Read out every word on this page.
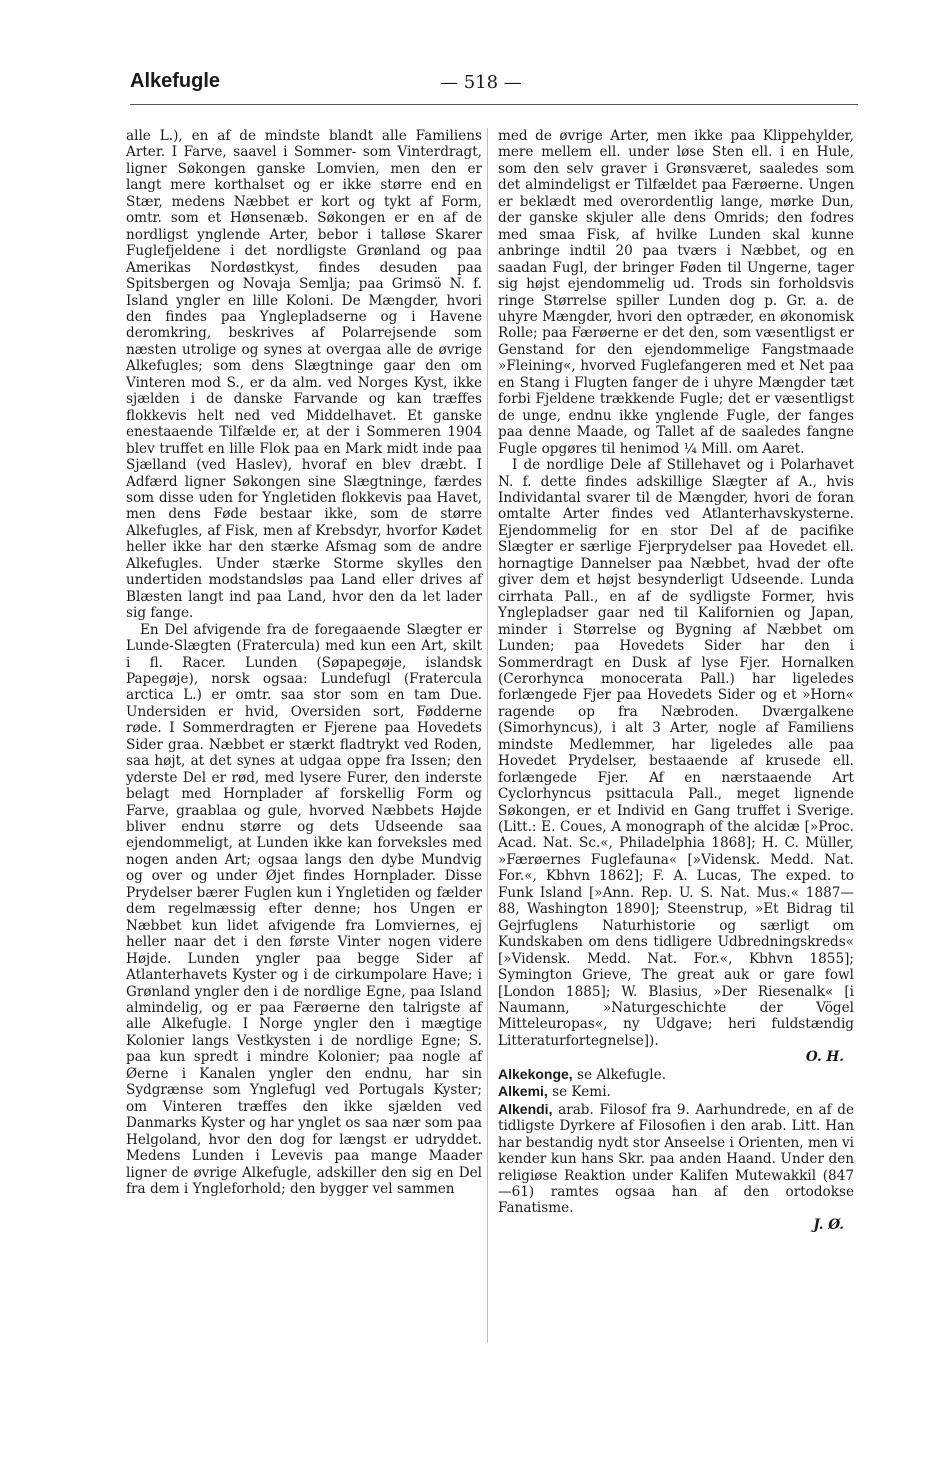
Alkefugle	— 518 —

alle L.), en af de mindste blandt alle Familiens Arter. I Farve, saavel i Sommer- som Vinterdragt, ligner Søkongen ganske Lomvien, men den er langt mere korthalset og er ikke større end en Stær, medens Næbbet er kort og tykt af Form, omtr. som et Hønsenæb. Søkongen er en af de nordligst ynglende Arter, bebor i talløse Skarer Fuglefjeldene i det nordligste Grønland og paa Amerikas Nordøstkyst, findes desuden paa Spitsbergen og Novaja Semlja; paa Grimsö N. f. Island yngler en lille Koloni. De Mængder, hvori den findes paa Ynglepladserne og i Havene deromkring, beskrives af Polarrejsende som næsten utrolige og synes at overgaa alle de øvrige Alkefugles; som dens Slægtninge gaar den om Vinteren mod S., er da alm. ved Norges Kyst, ikke sjælden i de danske Farvande og kan træffes flokkevis helt ned ved Middelhavet. Et ganske enestaaende Tilfælde er, at der i Sommeren 1904 blev truffet en lille Flok paa en Mark midt inde paa Sjælland (ved Haslev), hvoraf en blev dræbt. I Adfærd ligner Søkongen sine Slægtninge, færdes som disse uden for Yngletiden flokkevis paa Havet, men dens Føde bestaar ikke, som de større Alkefugles, af Fisk, men af Krebsdyr, hvorfor Kødet heller ikke har den stærke Afsmag som de andre Alkefugles. Under stærke Storme skylles den undertiden modstandsløs paa Land eller drives af Blæsten langt ind paa Land, hvor den da let lader sig fange.

En Del afvigende fra de foregaaende Slægter er Lunde-Slægten (Fratercula) med kun een Art, skilt i fl. Racer. Lunden (Søpapegøje, islandsk Papegøje), norsk ogsaa: Lundefugl (Fratercula arctica L.) er omtr. saa stor som en tam Due. Undersiden er hvid, Oversiden sort, Fødderne røde. I Sommerdragten er Fjerene paa Hovedets Sider graa. Næbbet er stærkt fladtrykt ved Roden, saa højt, at det synes at udgaa oppe fra Issen; den yderste Del er rød, med lysere Furer, den inderste belagt med Hornplader af forskellig Form og Farve, graablaa og gule, hvorved Næbbets Højde bliver endnu større og dets Udseende saa ejendommeligt, at Lunden ikke kan forveksles med nogen anden Art; ogsaa langs den dybe Mundvig og over og under Øjet findes Hornplader. Disse Prydelser bærer Fuglen kun i Yngletiden og fælder dem regelmæssig efter denne; hos Ungen er Næbbet kun lidet afvigende fra Lomviernes, ej heller naar det i den første Vinter nogen videre Højde. Lunden yngler paa begge Sider af Atlanterhavets Kyster og i de cirkumpolare Have; i Grønland yngler den i de nordlige Egne, paa Island almindelig, og er paa Færøerne den talrigste af alle Alkefugle. I Norge yngler den i mægtige Kolonier langs Vestkysten i de nordlige Egne; S. paa kun spredt i mindre Kolonier; paa nogle af Øerne i Kanalen yngler den endnu, har sin Sydgrænse som Ynglefugl ved Portugals Kyster; om Vinteren træffes den ikke sjælden ved Danmarks Kyster og har ynglet os saa nær som paa Helgoland, hvor den dog for længst er udryddet. Medens Lunden i Levevis paa mange Maader ligner de øvrige Alkefugle, adskiller den sig en Del fra dem i Yngleforhold; den bygger vel sammen

med de øvrige Arter, men ikke paa Klippehylder, mere mellem ell. under løse Sten ell. i en Hule, som den selv graver i Grønsværet, saaledes som det almindeligst er Tilfældet paa Færøerne. Ungen er beklædt med overordentlig lange, mørke Dun, der ganske skjuler alle dens Omrids; den fodres med smaa Fisk, af hvilke Lunden skal kunne anbringe indtil 20 paa tværs i Næbbet, og en saadan Fugl, der bringer Føden til Ungerne, tager sig højst ejendommelig ud. Trods sin forholdsvis ringe Størrelse spiller Lunden dog p. Gr. a. de uhyre Mængder, hvori den optræder, en økonomisk Rolle; paa Færøerne er det den, som væsentligst er Genstand for den ejendommelige Fangstmaade »Fleining«, hvorved Fuglefangeren med et Net paa en Stang i Flugten fanger de i uhyre Mængder tæt forbi Fjeldene trækkende Fugle; det er væsentligst de unge, endnu ikke ynglende Fugle, der fanges paa denne Maade, og Tallet af de saaledes fangne Fugle opgøres til henimod ¼ Mill. om Aaret.

I de nordlige Dele af Stillehavet og i Polarhavet N. f. dette findes adskillige Slægter af A., hvis Individantal svarer til de Mængder, hvori de foran omtalte Arter findes ved Atlanterhavskysterne. Ejendommelig for en stor Del af de pacifike Slægter er særlige Fjerprydelser paa Hovedet ell. hornagtige Dannelser paa Næbbet, hvad der ofte giver dem et højst besynderligt Udseende. Lunda cirrhata Pall., en af de sydligste Former, hvis Ynglepladser gaar ned til Kalifornien og Japan, minder i Størrelse og Bygning af Næbbet om Lunden; paa Hovedets Sider har den i Sommerdragt en Dusk af lyse Fjer. Hornalken (Cerorhynca monocerata Pall.) har ligeledes forlængede Fjer paa Hovedets Sider og et »Horn« ragende op fra Næbroden. Dværgalkene (Simorhyncus), i alt 3 Arter, nogle af Familiens mindste Medlemmer, har ligeledes alle paa Hovedet Prydelser, bestaaende af krusede ell. forlængede Fjer. Af en nærstaaende Art Cyclorhyncus psittacula Pall., meget lignende Søkongen, er et Individ en Gang truffet i Sverige. (Litt.: E. Coues, A monograph of the alcidæ [»Proc. Acad. Nat. Sc.«, Philadelphia 1868]; H. C. Müller, »Færøernes Fuglefauna« [»Vidensk. Medd. Nat. For.«, Kbhvn 1862]; F. A. Lucas, The exped. to Funk Island [»Ann. Rep. U. S. Nat. Mus.« 1887—88, Washington 1890]; Steenstrup, »Et Bidrag til Gejrfuglens Naturhistorie og særligt om Kundskaben om dens tidligere Udbredningskreds« [»Vidensk. Medd. Nat. For.«, Kbhvn 1855]; Symington Grieve, The great auk or gare fowl [London 1885]; W. Blasius, »Der Riesenalk« [i Naumann, »Naturgeschichte der Vögel Mitteleuropas«, ny Udgave; heri fuldstændig Litteraturfortegnelse]).

O. H.

Alkekonge, se Alkefugle.

Alkemi, se Kemi.

Alkendi, arab. Filosof fra 9. Aarhundrede, en af de tidligste Dyrkere af Filosofien i den arab. Litt. Han har bestandig nydt stor Anseelse i Orienten, men vi kender kun hans Skr. paa anden Haand. Under den religiøse Reaktion under Kalifen Mutewakkil (847—61) ramtes ogsaa han af den ortodokse Fanatisme.

J. Ø.
